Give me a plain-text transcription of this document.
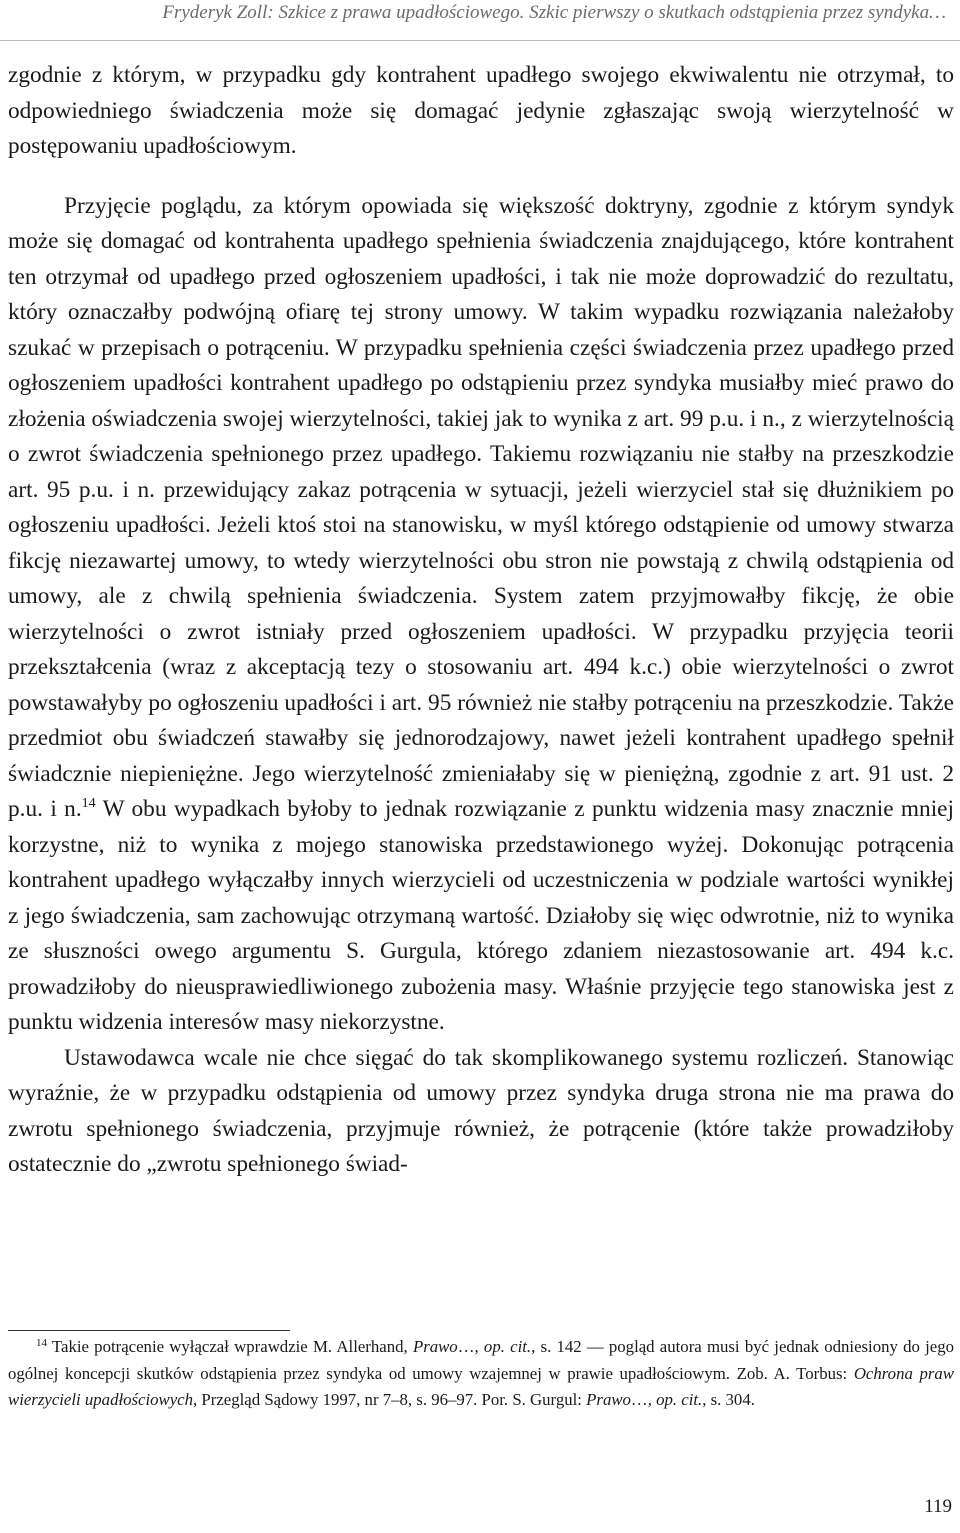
Fryderyk Zoll: Szkice z prawa upadłościowego. Szkic pierwszy o skutkach odstąpienia przez syndyka…

zgodnie z którym, w przypadku gdy kontrahent upadłego swojego ekwiwalentu nie otrzymał, to odpowiedniego świadczenia może się domagać jedynie zgłaszając swoją wierzytelność w postępowaniu upadłościowym.

Przyjęcie poglądu, za którym opowiada się większość doktryny, zgodnie z którym syndyk może się domagać od kontrahenta upadłego spełnienia świadczenia znajdującego, które kontrahent ten otrzymał od upadłego przed ogłoszeniem upadłości, i tak nie może doprowadzić do rezultatu, który oznaczałby podwójną ofiarę tej strony umowy. W takim wypadku rozwiązania należałoby szukać w przepisach o potrąceniu. W przypadku spełnienia części świadczenia przez upadłego przed ogłoszeniem upadłości kontrahent upadłego po odstąpieniu przez syndyka musiałby mieć prawo do złożenia oświadczenia swojej wierzytelności, takiej jak to wynika z art. 99 p.u. i n., z wierzytelnością o zwrot świadczenia spełnionego przez upadłego. Takiemu rozwiązaniu nie stałby na przeszkodzie art. 95 p.u. i n. przewidujący zakaz potrącenia w sytuacji, jeżeli wierzyciel stał się dłużnikiem po ogłoszeniu upadłości. Jeżeli ktoś stoi na stanowisku, w myśl którego odstąpienie od umowy stwarza fikcję niezawartej umowy, to wtedy wierzytelności obu stron nie powstają z chwilą odstąpienia od umowy, ale z chwilą spełnienia świadczenia. System zatem przyjmowałby fikcję, że obie wierzytelności o zwrot istniały przed ogłoszeniem upadłości. W przypadku przyjęcia teorii przekształcenia (wraz z akceptacją tezy o stosowaniu art. 494 k.c.) obie wierzytelności o zwrot powstawałyby po ogłoszeniu upadłości i art. 95 również nie stałby potrąceniu na przeszkodzie. Także przedmiot obu świadczeń stawałby się jednorodzajowy, nawet jeżeli kontrahent upadłego spełnił świadcznie niepieniężne. Jego wierzytelność zmieniałaby się w pieniężną, zgodnie z art. 91 ust. 2 p.u. i n.$^{14}$ W obu wypadkach byłoby to jednak rozwiązanie z punktu widzenia masy znacznie mniej korzystne, niż to wynika z mojego stanowiska przedstawionego wyżej. Dokonując potrącenia kontrahent upadłego wyłączałby innych wierzycieli od uczestniczenia w podziale wartości wynikłej z jego świadczenia, sam zachowując otrzymaną wartość. Działoby się więc odwrotnie, niż to wynika ze słuszności owego argumentu S. Gurgula, którego zdaniem niezastosowanie art. 494 k.c. prowadziłoby do nieusprawiedliwionego zubożenia masy. Właśnie przyjęcie tego stanowiska jest z punktu widzenia interesów masy niekorzystne.

Ustawodawca wcale nie chce sięgać do tak skomplikowanego systemu rozliczeń. Stanowiąc wyraźnie, że w przypadku odstąpienia od umowy przez syndyka druga strona nie ma prawa do zwrotu spełnionego świadczenia, przyjmuje również, że potrącenie (które także prowadziłoby ostatecznie do „zwrotu spełnionego świad-

$^{14}$ Takie potrącenie wyłączał wprawdzie M. Allerhand, Prawo…, op. cit., s. 142 — pogląd autora musi być jednak odniesiony do jego ogólnej koncepcji skutków odstąpienia przez syndyka od umowy wzajemnej w prawie upadłościowym. Zob. A. Torbus: Ochrona praw wierzycieli upadłościowych, Przegląd Sądowy 1997, nr 7–8, s. 96–97. Por. S. Gurgul: Prawo…, op. cit., s. 304.

119
